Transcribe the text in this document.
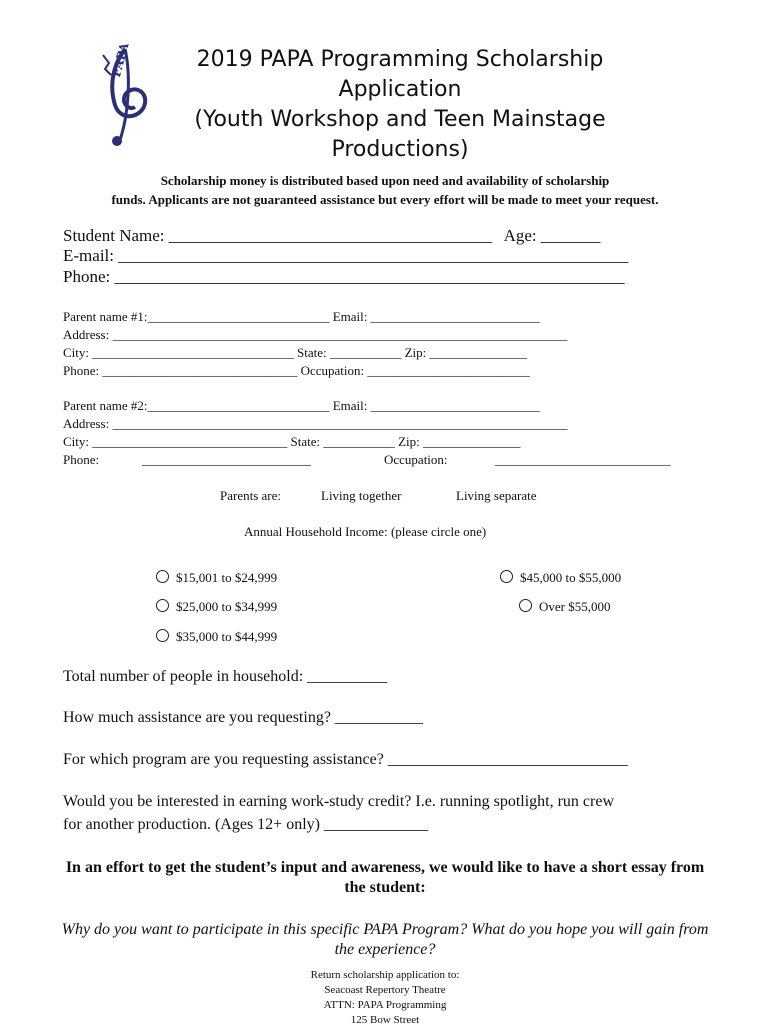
PAPA	2019 PAPA Programming Scholarship
Application
(Youth Workshop and Teen Mainstage
Productions)
Scholarship money is distributed based upon need and availability of scholarship
funds. Applicants are not guaranteed assistance but every effort will be made to meet your request.
Student Name: ______________________________________   Age: _______
E-mail: ____________________________________________________________
Phone: ____________________________________________________________
Parent name #1:____________________________ Email: __________________________
Address: ______________________________________________________________________
City: _______________________________ State: ___________ Zip: _______________
Phone: ______________________________ Occupation: _________________________
Parent name #2:____________________________ Email: __________________________
Address: ______________________________________________________________________
City: ______________________________ State: ___________ Zip: _______________
Phone:	__________________________	Occupation:	___________________________
Parents are:	Living together	Living separate
Annual Household Income: (please circle one)
$15,001 to $24,999
$25,000 to $34,999
$35,000 to $44,999
$45,000 to $55,000
Over $55,000
Total number of people in household: __________
How much assistance are you requesting? ___________
For which program are you requesting assistance? ______________________________
Would you be interested in earning work-study credit? I.e. running spotlight, run crew
for another production. (Ages 12+ only) _____________
In an effort to get the student’s input and awareness, we would like to have a short essay from the student:
Why do you want to participate in this specific PAPA Program? What do you hope you will gain from the experience?
Return scholarship application to:
Seacoast Repertory Theatre
ATTN: PAPA Programming
125 Bow Street
